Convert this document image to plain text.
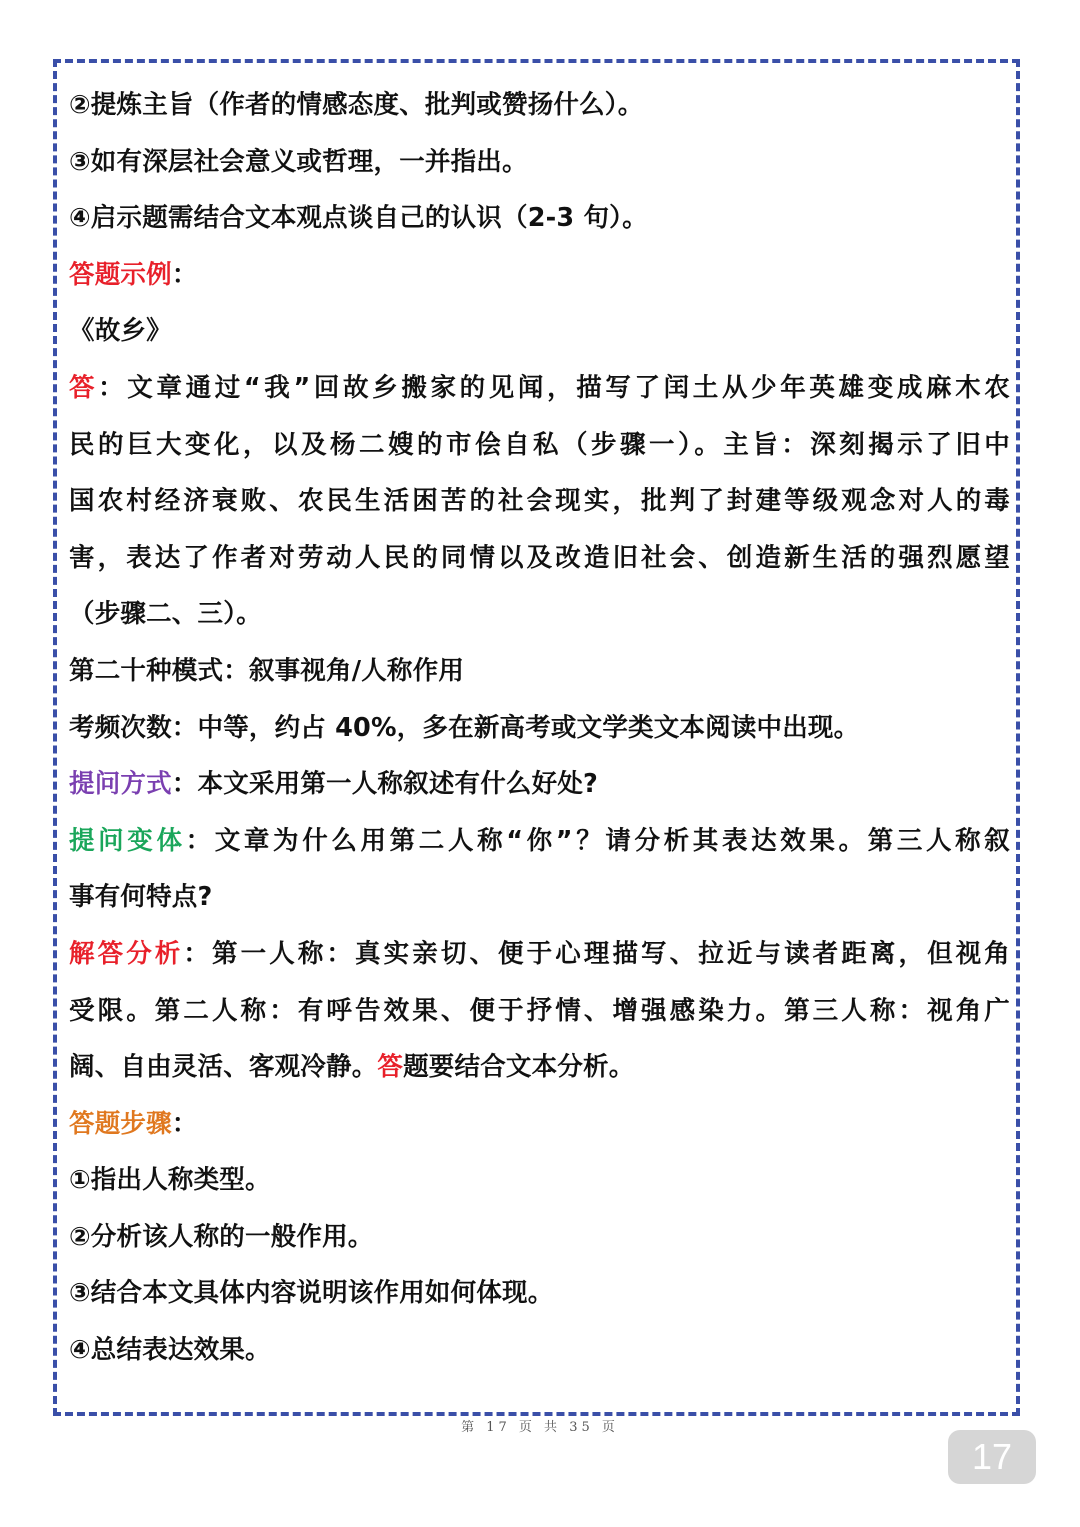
②提炼主旨（作者的情感态度、批判或赞扬什么）。
③如有深层社会意义或哲理，一并指出。
④启示题需结合文本观点谈自己的认识（2-3 句）。
答题示例：
《故乡》
答：文章通过“我”回故乡搬家的见闻，描写了闰土从少年英雄变成麻木农
民的巨大变化，以及杨二嫂的市侩自私（步骤一）。主旨：深刻揭示了旧中
国农村经济衰败、农民生活困苦的社会现实，批判了封建等级观念对人的毒
害，表达了作者对劳动人民的同情以及改造旧社会、创造新生活的强烈愿望
（步骤二、三）。
第二十种模式：叙事视角/人称作用
考频次数：中等，约占 40%，多在新高考或文学类文本阅读中出现。
提问方式：本文采用第一人称叙述有什么好处?
提问变体：文章为什么用第二人称“你”？请分析其表达效果。第三人称叙
事有何特点?
解答分析：第一人称：真实亲切、便于心理描写、拉近与读者距离，但视角
受限。第二人称：有呼告效果、便于抒情、增强感染力。第三人称：视角广
阔、自由灵活、客观冷静。答题要结合文本分析。
答题步骤：
①指出人称类型。
②分析该人称的一般作用。
③结合本文具体内容说明该作用如何体现。
④总结表达效果。
第 17 页 共 35 页
17
